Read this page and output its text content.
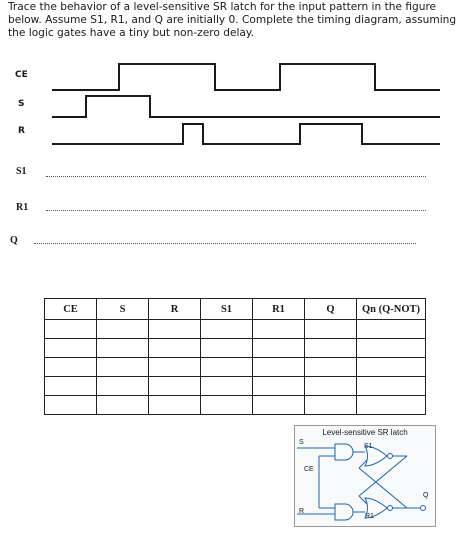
Trace the behavior of a level-sensitive SR latch for the input pattern in the figure below. Assume S1, R1, and Q are initially 0. Complete the timing diagram, assuming the logic gates have a tiny but non-zero delay.
CE
S
R
S1
R1
Q
CE	S	R	S1	R1	Q	Qn (Q-NOT)

Level-sensitive SR latch
S
S1
CE
R
R1
Q
